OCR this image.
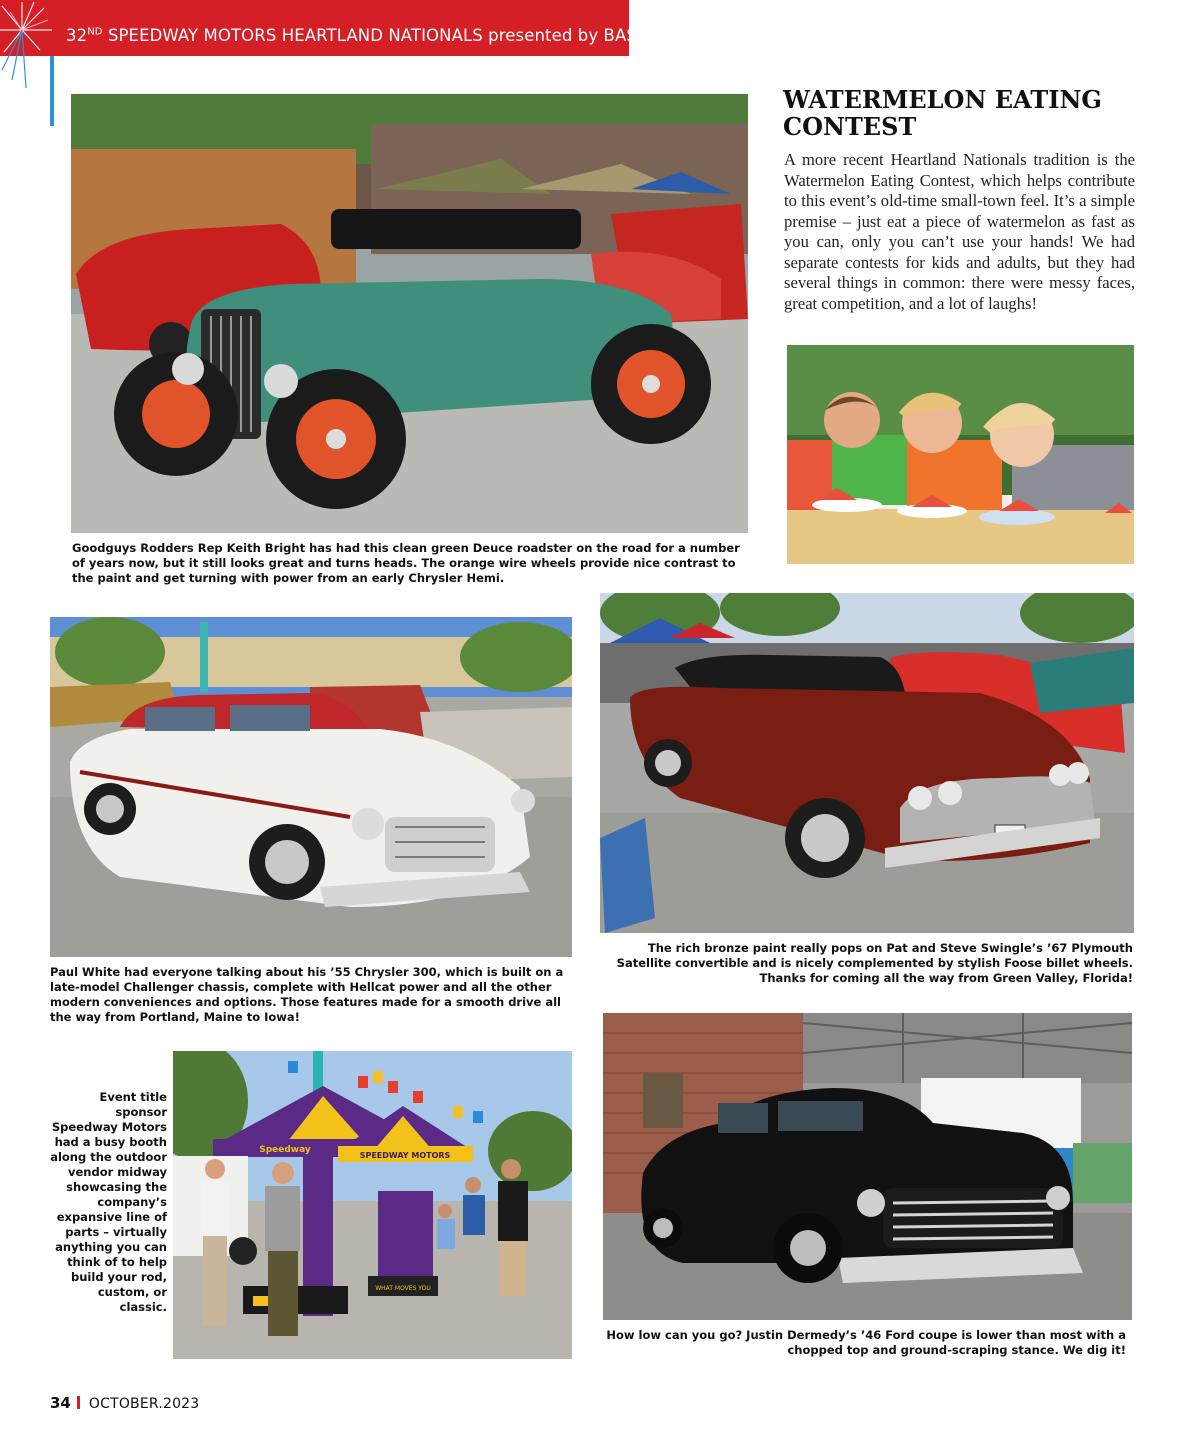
32ND SPEEDWAY MOTORS HEARTLAND NATIONALS presented by BASF
Goodguys Rodders Rep Keith Bright has had this clean green Deuce roadster on the road for a number of years now, but it still looks great and turns heads. The orange wire wheels provide nice contrast to the paint and get turning with power from an early Chrysler Hemi.
WATERMELON EATING CONTEST
A more recent Heartland Nationals tradition is the Watermelon Eating Contest, which helps contribute to this event’s old-time small-town feel. It’s a simple premise – just eat a piece of watermelon as fast as you can, only you can’t use your hands! We had separate contests for kids and adults, but they had several things in common: there were messy faces, great competition, and a lot of laughs!
Paul White had everyone talking about his ’55 Chrysler 300, which is built on a late-model Challenger chassis, complete with Hellcat power and all the other modern conveniences and options. Those features made for a smooth drive all the way from Portland, Maine to Iowa!
The rich bronze paint really pops on Pat and Steve Swingle’s ’67 Plymouth Satellite convertible and is nicely complemented by stylish Foose billet wheels. Thanks for coming all the way from Green Valley, Florida!
Event title sponsor Speedway Motors had a busy booth along the outdoor vendor midway showcasing the company’s expansive line of parts – virtually anything you can think of to help build your rod, custom, or classic.
Speedway
SPEEDWAY MOTORS
WHAT MOVES YOU
How low can you go? Justin Dermedy’s ’46 Ford coupe is lower than most with a chopped top and ground-scraping stance. We dig it!
34 OCTOBER.2023
